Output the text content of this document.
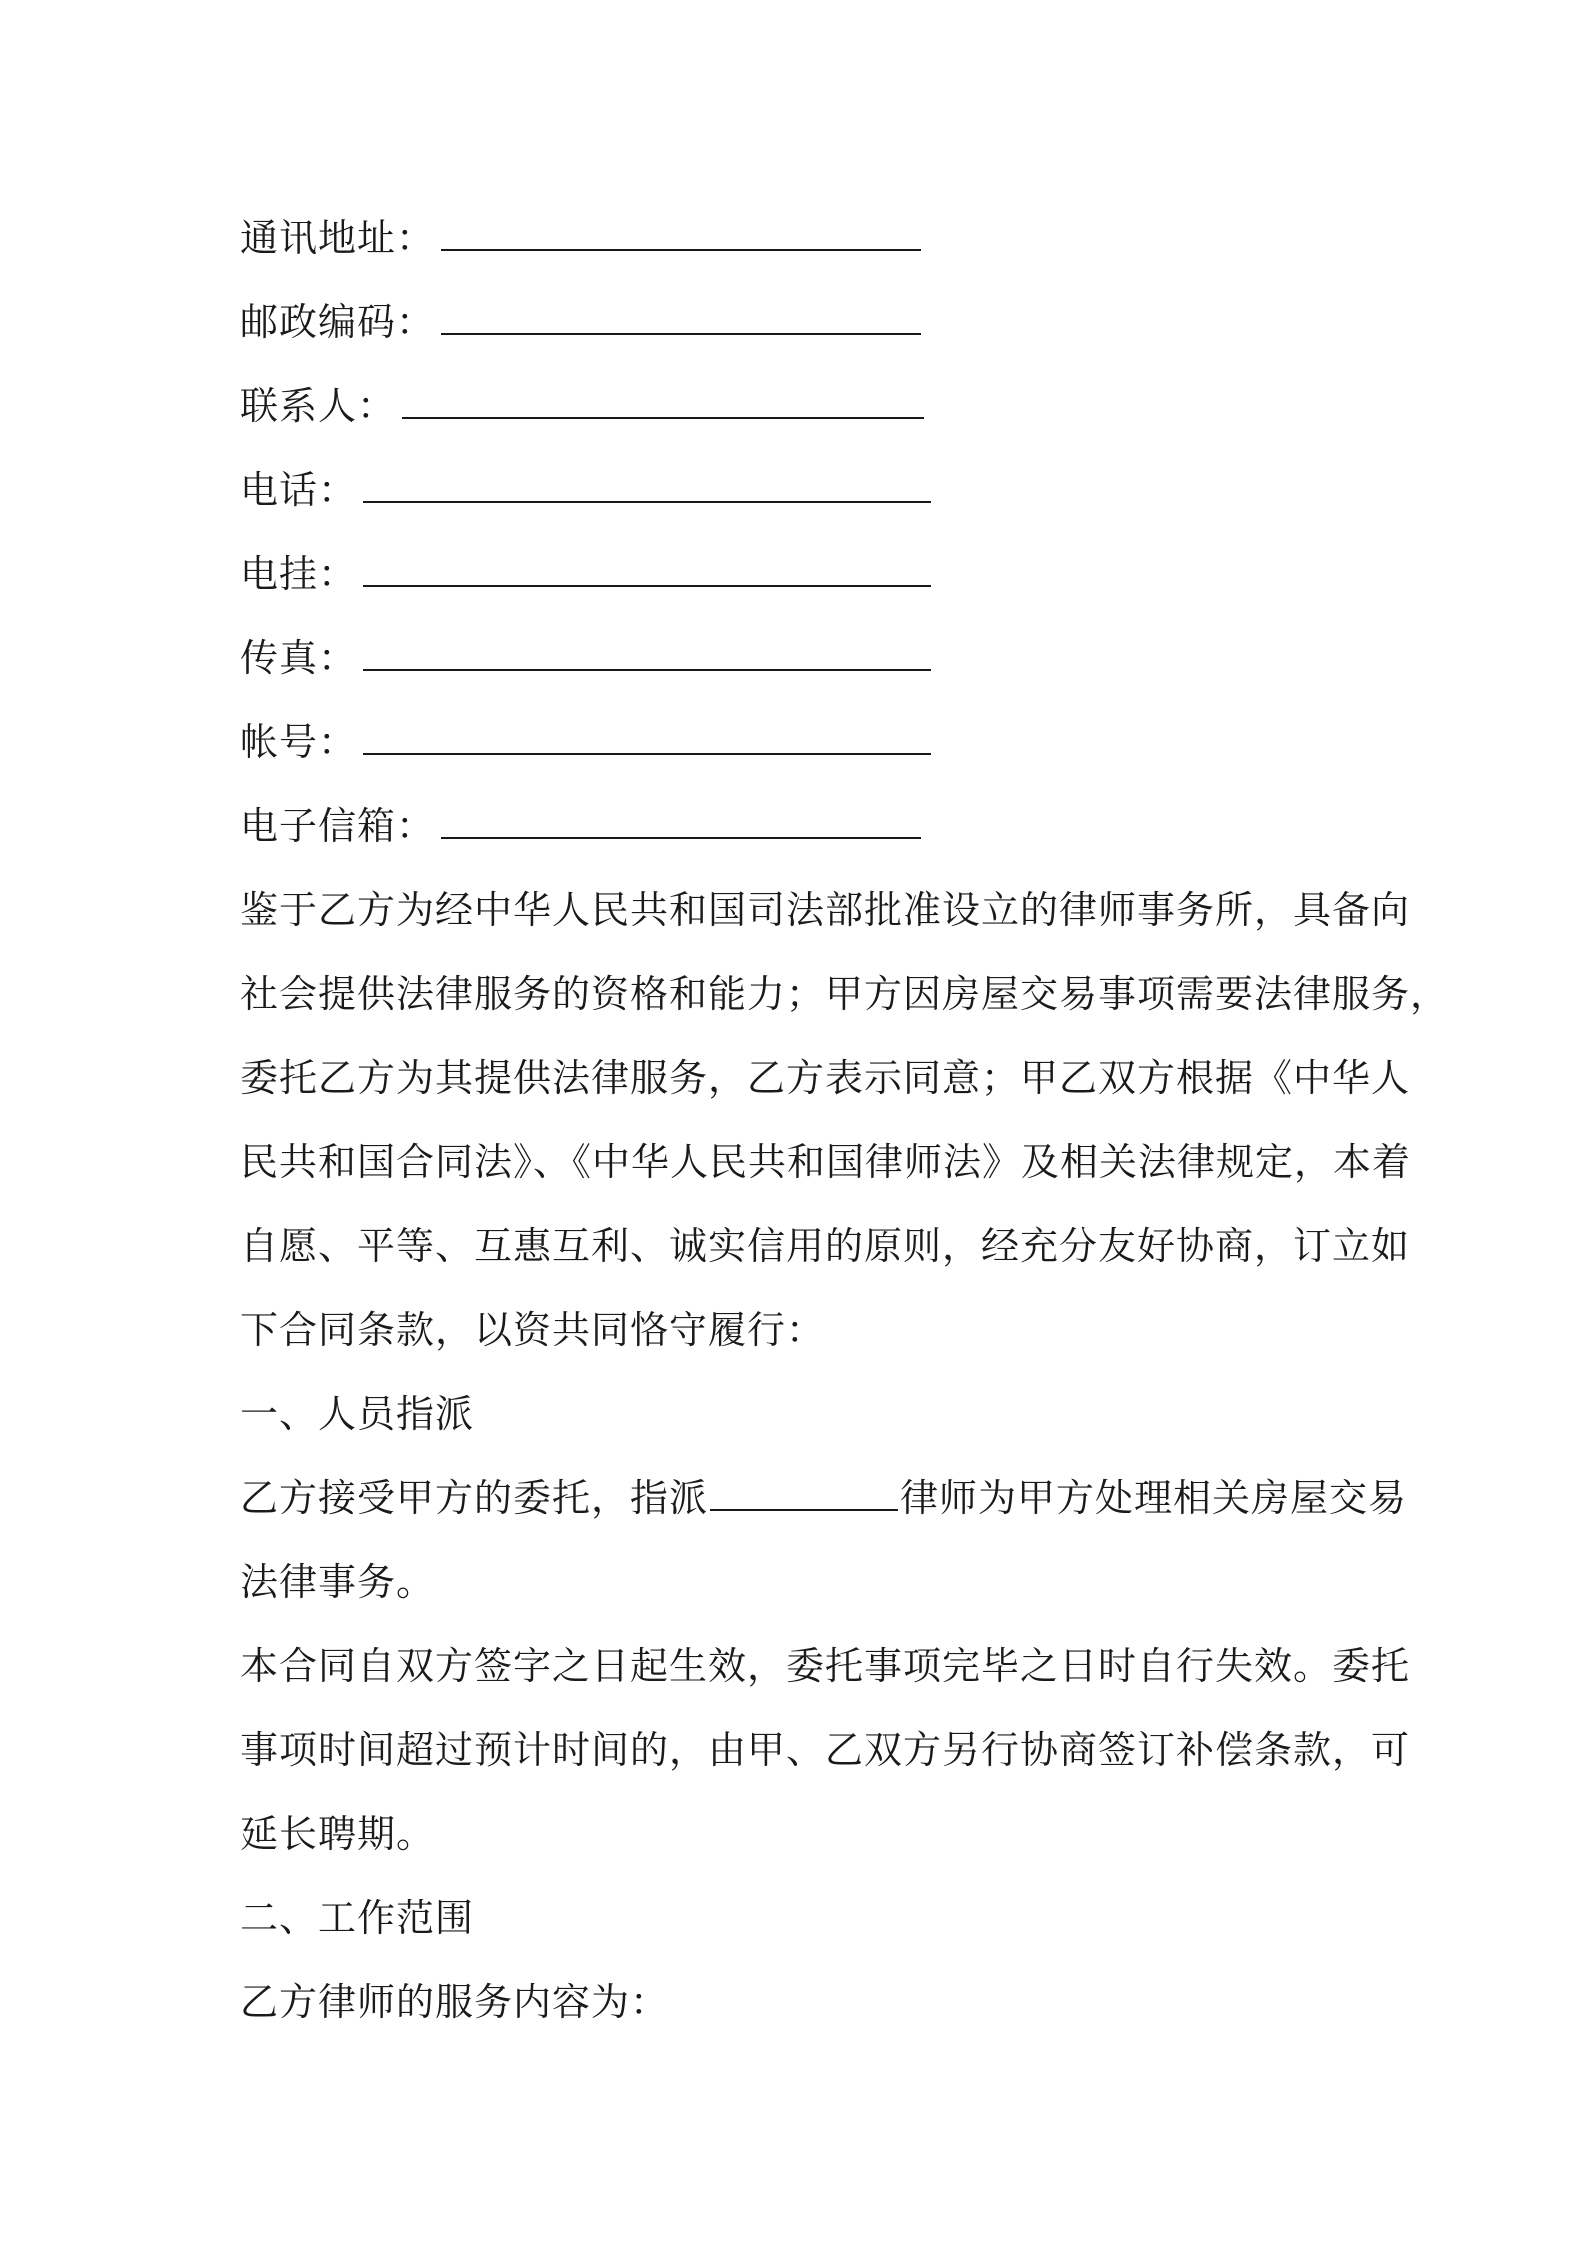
通讯地址：
邮政编码：
联系人：
电话：
电挂：
传真：
帐号：
电子信箱：
鉴于乙方为经中华人民共和国司法部批准设立的律师事务所，具备向
社会提供法律服务的资格和能力；甲方因房屋交易事项需要法律服务，
委托乙方为其提供法律服务，乙方表示同意；甲乙双方根据《中华人
民共和国合同法》、《中华人民共和国律师法》及相关法律规定，本着
自愿、平等、互惠互利、诚实信用的原则，经充分友好协商，订立如
下合同条款，以资共同恪守履行：
一、人员指派
乙方接受甲方的委托，指派	律师为甲方处理相关房屋交易
法律事务。
本合同自双方签字之日起生效，委托事项完毕之日时自行失效。委托
事项时间超过预计时间的，由甲、乙双方另行协商签订补偿条款，可
延长聘期。
二、工作范围
乙方律师的服务内容为：
